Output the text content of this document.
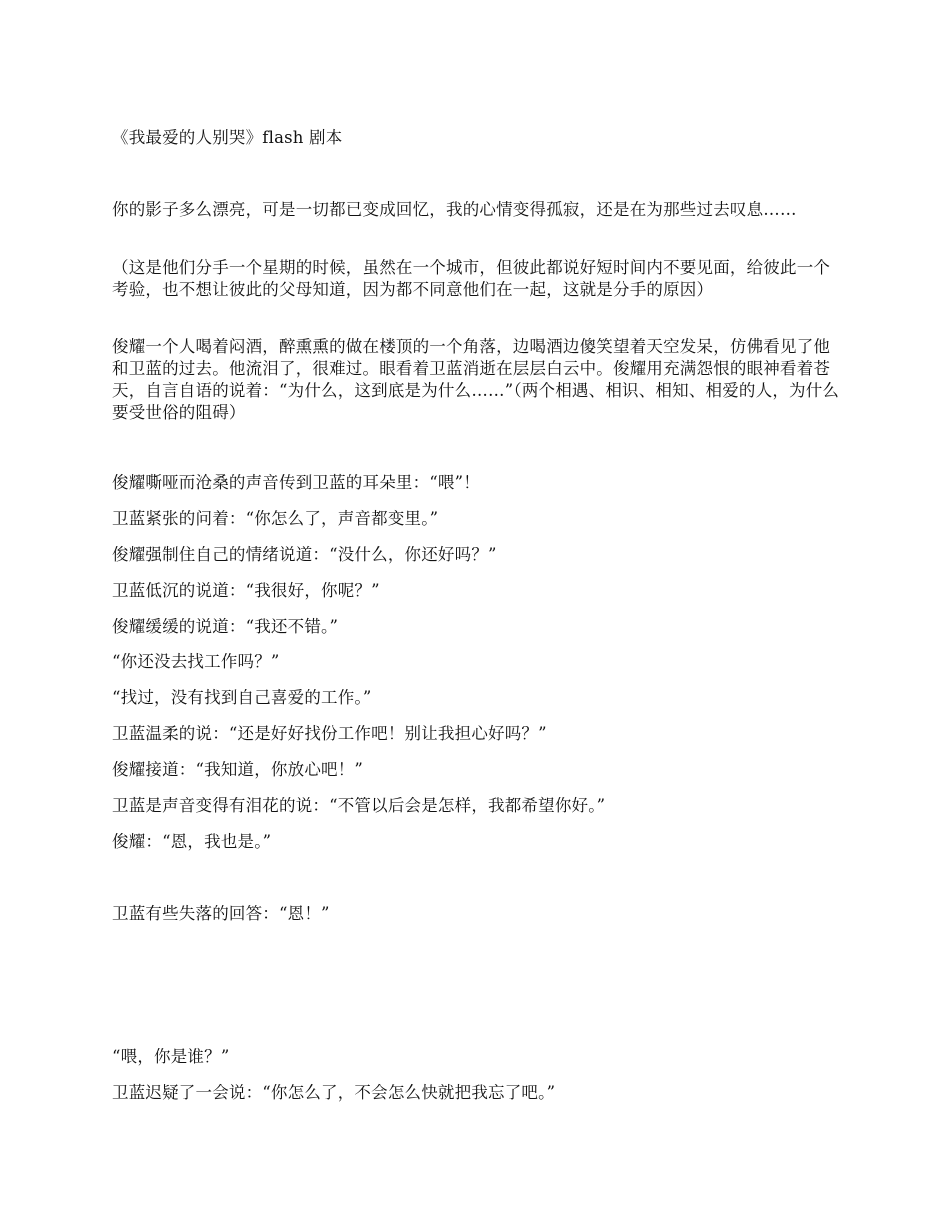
《我最爱的人别哭》flash 剧本
你的影子多么漂亮，可是一切都已变成回忆，我的心情变得孤寂，还是在为那些过去叹息……
（这是他们分手一个星期的时候，虽然在一个城市，但彼此都说好短时间内不要见面，给彼此一个考验，也不想让彼此的父母知道，因为都不同意他们在一起，这就是分手的原因）
俊耀一个人喝着闷酒，醉熏熏的做在楼顶的一个角落，边喝酒边傻笑望着天空发呆，仿佛看见了他和卫蓝的过去。他流泪了，很难过。眼看着卫蓝消逝在层层白云中。俊耀用充满怨恨的眼神看着苍天，自言自语的说着：“为什么，这到底是为什么……”（两个相遇、相识、相知、相爱的人，为什么要受世俗的阻碍）
俊耀嘶哑而沧桑的声音传到卫蓝的耳朵里：“喂”！
卫蓝紧张的问着：“你怎么了，声音都变里。”
俊耀强制住自己的情绪说道：“没什么，你还好吗？”
卫蓝低沉的说道：“我很好，你呢？”
俊耀缓缓的说道：“我还不错。”
“你还没去找工作吗？”
“找过，没有找到自己喜爱的工作。”
卫蓝温柔的说：“还是好好找份工作吧！别让我担心好吗？”
俊耀接道：“我知道，你放心吧！”
卫蓝是声音变得有泪花的说：“不管以后会是怎样，我都希望你好。”
俊耀：“恩，我也是。”
卫蓝有些失落的回答：“恩！”
“喂，你是谁？”
卫蓝迟疑了一会说：“你怎么了，不会怎么快就把我忘了吧。”
